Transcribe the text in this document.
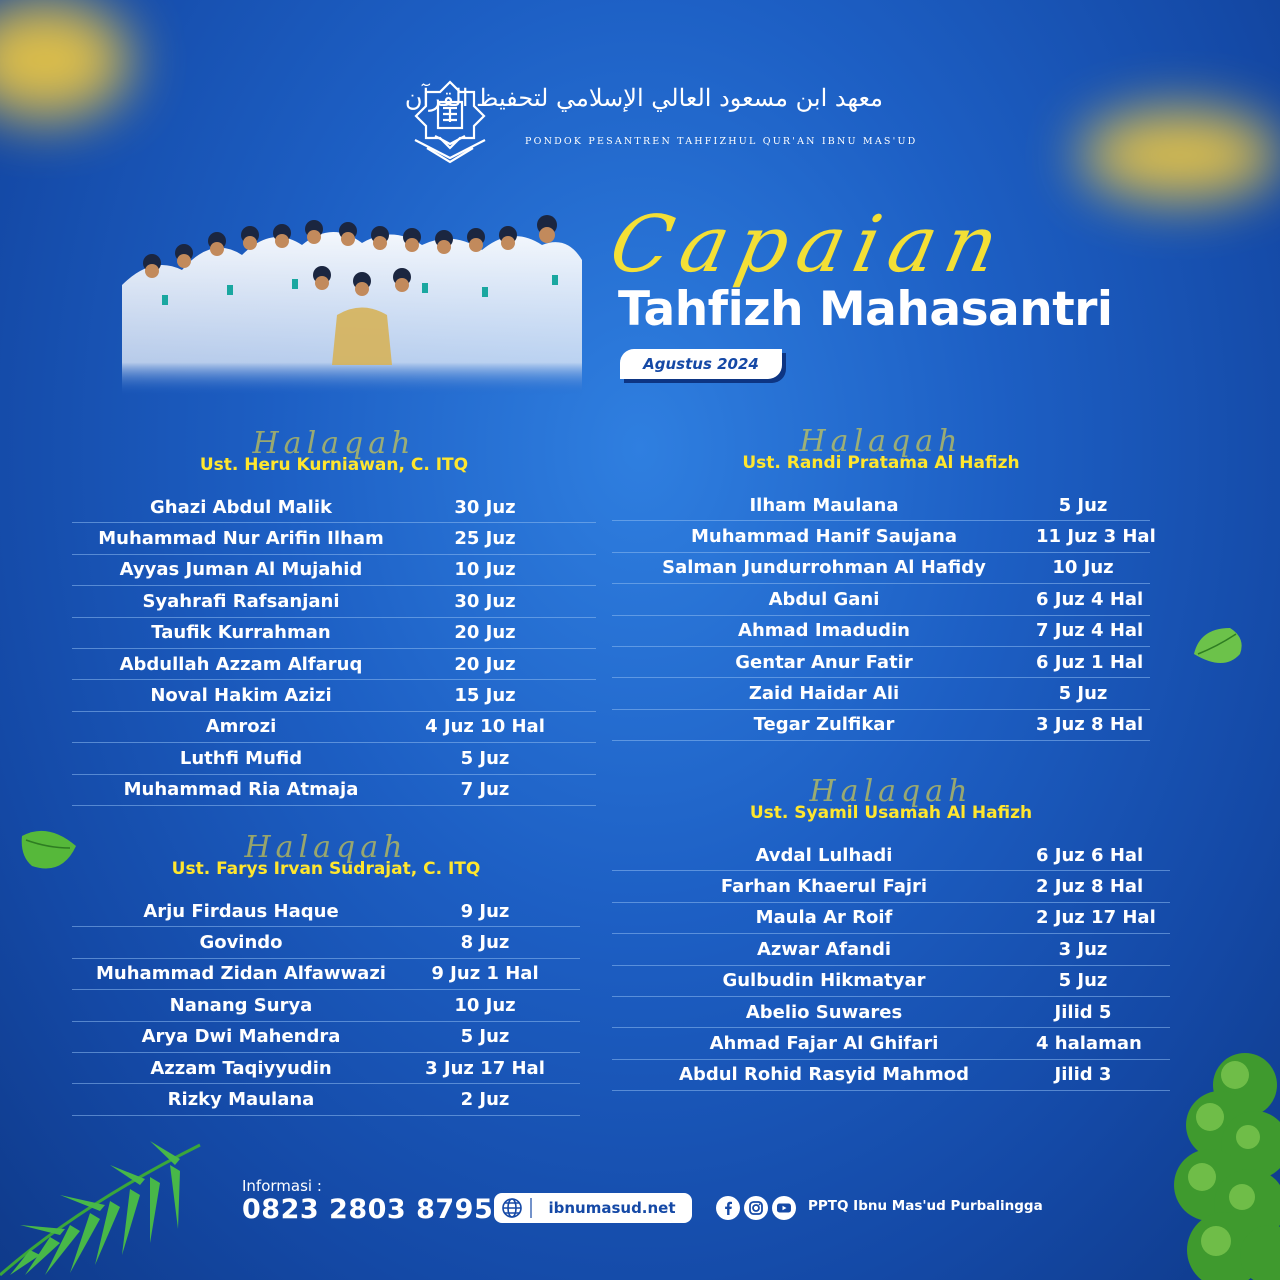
معهد ابن مسعود العالي الإسلامي لتحفيظ القرآن
PONDOK PESANTREN TAHFIZHUL QUR'AN IBNU MAS'UD
Capaian
Tahfizh Mahasantri
Agustus 2024
Halaqah
Ust. Heru Kurniawan, C. ITQ
Ghazi Abdul Malik	30 Juz
Muhammad Nur Arifin Ilham	25 Juz
Ayyas Juman Al Mujahid	10 Juz
Syahrafi Rafsanjani	30 Juz
Taufik Kurrahman	20 Juz
Abdullah Azzam Alfaruq	20 Juz
Noval Hakim Azizi	15 Juz
Amrozi	4 Juz 10 Hal
Luthfi Mufid	5 Juz
Muhammad Ria Atmaja	7 Juz
Halaqah
Ust. Farys Irvan Sudrajat, C. ITQ
Arju Firdaus Haque	9 Juz
Govindo	8 Juz
Muhammad Zidan Alfawwazi	9 Juz 1 Hal
Nanang Surya	10 Juz
Arya Dwi Mahendra	5 Juz
Azzam Taqiyyudin	3 Juz 17 Hal
Rizky Maulana	2 Juz
Halaqah
Ust. Randi Pratama Al Hafizh
Ilham Maulana	5 Juz
Muhammad Hanif Saujana	11 Juz 3 Hal
Salman Jundurrohman Al Hafidy	10 Juz
Abdul Gani	6 Juz 4 Hal
Ahmad Imadudin	7 Juz 4 Hal
Gentar Anur Fatir	6 Juz 1 Hal
Zaid Haidar Ali	5 Juz
Tegar Zulfikar	3 Juz 8 Hal
Halaqah
Ust. Syamil Usamah Al Hafizh
Avdal Lulhadi	6 Juz 6 Hal
Farhan Khaerul Fajri	2 Juz 8 Hal
Maula Ar Roif	2 Juz 17 Hal
Azwar Afandi	3 Juz
Gulbudin Hikmatyar	5 Juz
Abelio Suwares	Jilid 5
Ahmad Fajar Al Ghifari	4 halaman
Abdul Rohid Rasyid Mahmod	Jilid 3
Informasi :
0823 2803 8795	ibnumasud.net	PPTQ Ibnu Mas'ud Purbalingga
